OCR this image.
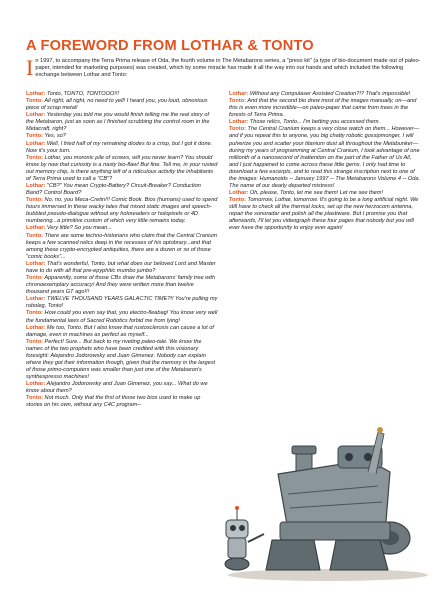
A FOREWORD FROM LOTHAR & TONTO
I n 1997, to accompany the Terra Prima release of Oda, the fourth volume in The Metabarons series, a "press kit" (a type of bio-document made out of paleo-paper, intended for marketing purposes) was created, which by some miracle has made it all the way into our hands and which included the following exchange between Lothar and Tonto:

Lothar: Tonto, TONTO, TONTOOO!!!

Tonto: All right, all right, no need to yell! I heard you, you loud, obnoxious piece of scrap metal!

Lothar: Yesterday you told me you would finish telling me the real story of the Metabaron, just as soon as I finished scrubbing the control room in the Metacraft, right?

Tonto: Yes, so?

Lothar: Well, I fried half of my remaining diodes to a crisp, but I got it done. Now it's your turn.

Tonto: Lothar, you moronic pile of screws, will you never learn? You should know by now that curiosity is a nasty bio-flaw! But fine. Tell me, in your rusted out memory chip, is there anything left of a ridiculous activity the inhabitants of Terra Prima used to call a "CB"?

Lothar: "CB?" You mean Crypto-Battery? Circuit-Breaker? Conduction Band? Control Board?

Tonto: No, no, you Meca-Cretin!!! Comic Book. Bios (humans) used to spend hours immersed in these wacky tales that mixed static images and speech-bubbled pseudo-dialogue without any holoreaders or holopixels or 4D numbering...a primitive custom of which very little remains today.

Lothar: Very little? So you mean...

Tonto: There are some techno-historians who claim that the Central Cranium keeps a few scanned relics deep in the recesses of his optobrary...and that among these crypto-encrypted antiquities, there are a dozen or so of those "comic books"...

Lothar: That's wonderful, Tonto, but what does our beloved Lord and Master have to do with all that pre-epyphitic mumbo jumbo?

Tonto: Apparently, some of those CBs draw the Metabarons' family tree with chronoexemplary accuracy! And they were written more than twelve thousand years GT ago!!!

Lothar: TWELVE THOUSAND YEARS GALACTIC TIME?!! You're pulling my roboleg, Tonto!

Tonto: How could you even say that, you electro-fleabag! You know very well the fundamental laws of Sacred Robotics forbid me from lying!

Lothar: Me too, Tonto. But I also know that rustosclerosis can cause a lot of damage, even in machines as perfect as myself...

Tonto: Perfect! Sure... But back to my riveting paleo-tale. We know the names of the two prophets who have been credited with this visionary foresight: Alejandro Jodorowsky and Juan Gimenez. Nobody can explain where they got their information though, given that the memory in the largest of those primo-computers was smaller than just one of the Metabaron's synthespresso machines!

Lothar: Alejandro Jodorowsky and Juan Gimenez, you say... What do we know about them?

Tonto: Not much. Only that the first of those two bios used to make up stories on his own, without any C4C program--

Lothar: Without any Compulaser Assisted Creation?!? That's impossible!

Tonto: And that the second bio drew most of the images manually, on—and this is even more incredible—on paleo-paper that came from trees in the forests of Terra Prima.

Lothar: Those relics, Tonto... I'm betting you accessed them.

Tonto: The Central Cranium keeps a very close watch on them... However—and if you repeat this to anyone, you big chatty robotic gossipmonger, I will pulverize you and scatter your titanium dust all throughout the Metabunker—during my years of programming at Central Cranium, I took advantage of one millionth of a nanosecond of inattention on the part of the Father of Us All, and I just happened to come across these little gems. I only had time to download a few excerpts, and to read this strange inscription next to one of the images: Humanoids -- January 1997 -- The Metabarons Volume 4 -- Oda. The name of our dearly departed mistress!

Lothar: Oh, please, Tonto, let me see them! Let me see them!

Tonto: Tomorrow, Lothar, tomorrow. It's going to be a long artificial night. We still have to check all the thermal locks, set up the new herzocom antenna, repair the sonoradar and polish all the plastiware. But I promise you that afterwards, I'll let you videograph these four pages that nobody but you will ever have the opportunity to enjoy ever again!
